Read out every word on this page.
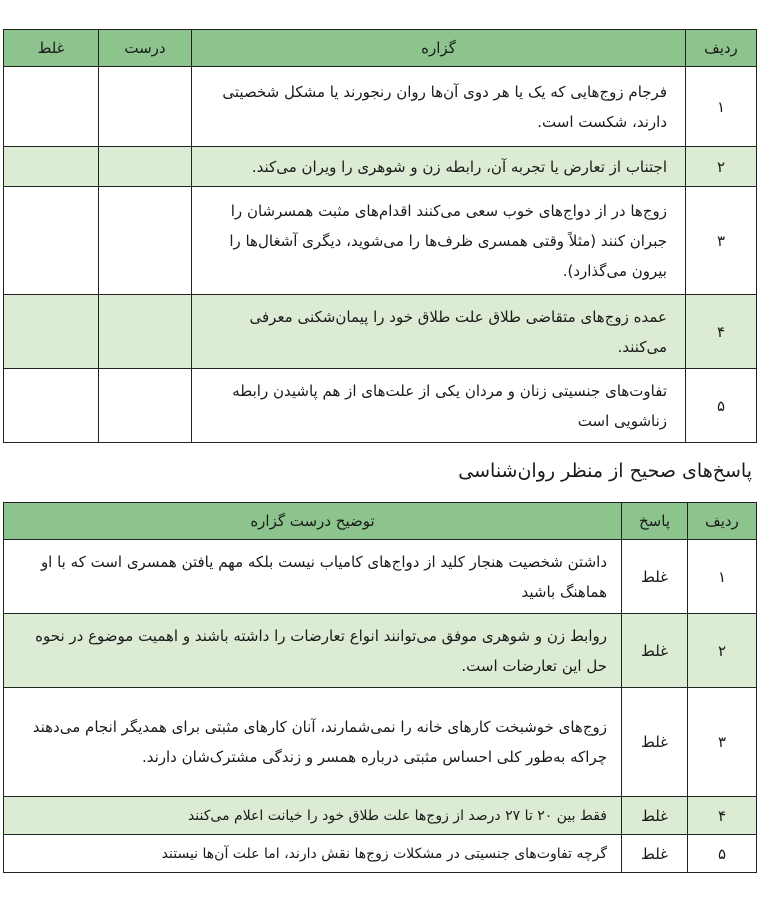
ردیف	گزاره	درست	غلط
۱	فرجام زوج‌هایی که یک یا هر دوی آن‌ها روان رنجورند یا مشکل شخصیتی دارند، شکست است.		
۲	اجتناب از تعارض یا تجربه آن، رابطه زن و شوهری را ویران می‌کند.		
۳	زوج‌ها در از دواج‌های خوب سعی می‌کنند اقدام‌های مثبت همسرشان را جبران کنند (مثلاً وقتی همسری ظرف‌ها را می‌شوید، دیگری آشغال‌ها را بیرون می‌گذارد).		
۴	عمده زوج‌های متقاضی طلاق علت طلاق خود را پیمان‌شکنی معرفی می‌کنند.		
۵	تفاوت‌های جنسیتی زنان و مردان یکی از علت‌های از هم پاشیدن رابطه زناشویی است		
پاسخ‌های صحیح از منظر روان‌شناسی
ردیف	پاسخ	توضیح درست گزاره
۱	غلط	داشتن شخصیت هنجار کلید از دواج‌های کامیاب نیست بلکه مهم یافتن همسری است که با او هماهنگ باشید
۲	غلط	روابط زن و شوهری موفق می‌توانند انواع تعارضات را داشته باشند و اهمیت موضوع در نحوه حل این تعارضات است.
۳	غلط	زوج‌های خوشبخت کارهای خانه را نمی‌شمارند، آنان کارهای مثبتی برای همدیگر انجام می‌دهند چراکه به‌طور کلی احساس مثبتی درباره همسر و زندگی مشترک‌شان دارند.
۴	غلط	فقط بین ۲۰ تا ۲۷ درصد از زوج‌ها علت طلاق خود را خیانت اعلام می‌کنند
۵	غلط	گرچه تفاوت‌های جنسیتی در مشکلات زوج‌ها نقش دارند، اما علت آن‌ها نیستند
